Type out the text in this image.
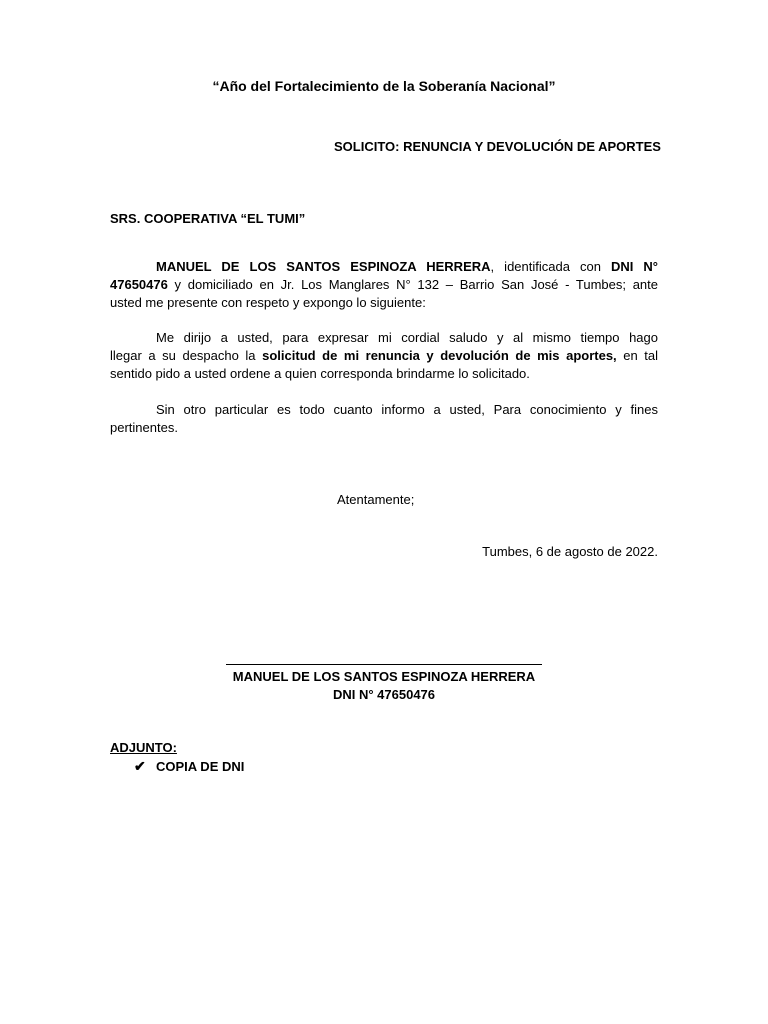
“Año del Fortalecimiento de la Soberanía Nacional”
SOLICITO: RENUNCIA Y DEVOLUCIÓN DE APORTES
SRS. COOPERATIVA “EL TUMI”
MANUEL DE LOS SANTOS ESPINOZA HERRERA, identificada con DNI N°
47650476 y domiciliado en Jr. Los Manglares N° 132 – Barrio San José - Tumbes; ante
usted me presente con respeto y expongo lo siguiente:
Me dirijo a usted, para expresar mi cordial saludo y al mismo tiempo hago
llegar a su despacho la solicitud de mi renuncia y devolución de mis aportes, en tal
sentido pido a usted ordene a quien corresponda brindarme lo solicitado.
Sin otro particular es todo cuanto informo a usted, Para conocimiento y fines
pertinentes.
Atentamente;
Tumbes, 6 de agosto de 2022.
MANUEL DE LOS SANTOS ESPINOZA HERRERA
DNI N° 47650476
ADJUNTO:
✔ COPIA DE DNI
